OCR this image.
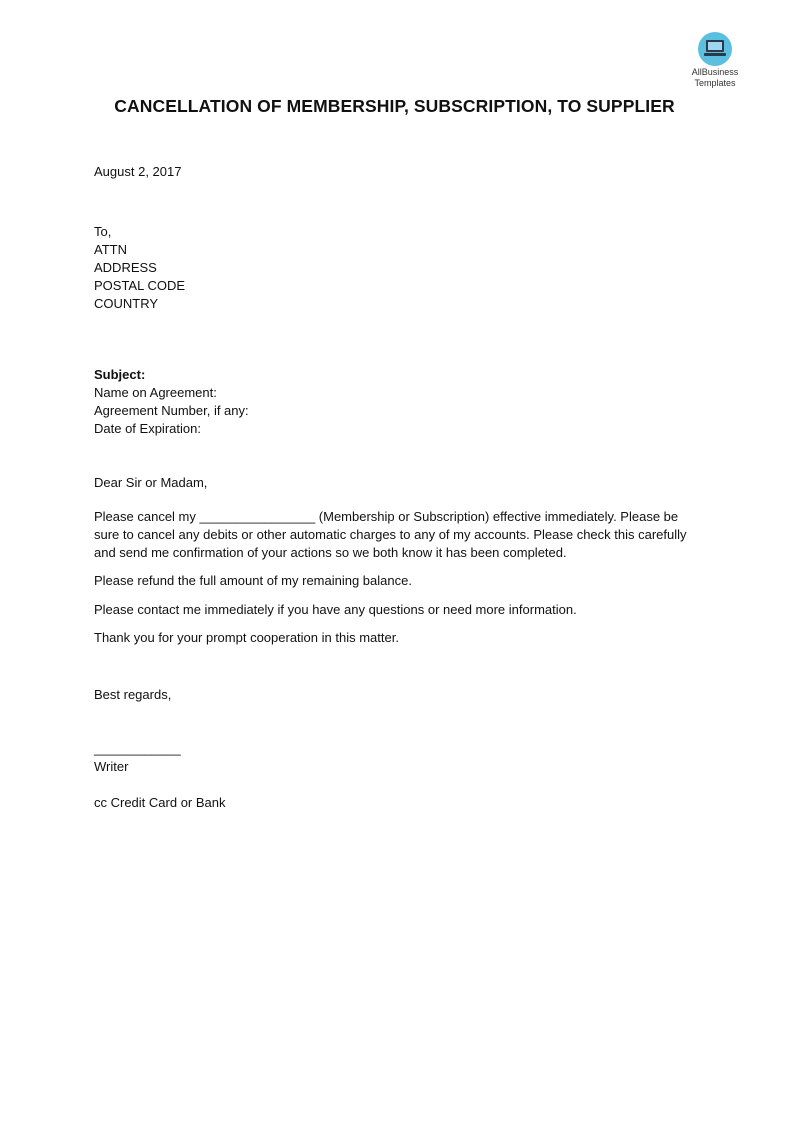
AllBusiness
Templates
CANCELLATION OF MEMBERSHIP, SUBSCRIPTION, TO SUPPLIER

August 2, 2017

To,

ATTN

ADDRESS

POSTAL CODE

COUNTRY

Subject:

Name on Agreement:

Agreement Number, if any:

Date of Expiration:

Dear Sir or Madam,

Please cancel my ________________ (Membership or Subscription) effective immediately. Please be sure to cancel any debits or other automatic charges to any of my accounts. Please check this carefully and send me confirmation of your actions so we both know it has been completed.

Please refund the full amount of my remaining balance.

Please contact me immediately if you have any questions or need more information.

Thank you for your prompt cooperation in this matter.

Best regards,

____________

Writer

cc Credit Card or Bank
